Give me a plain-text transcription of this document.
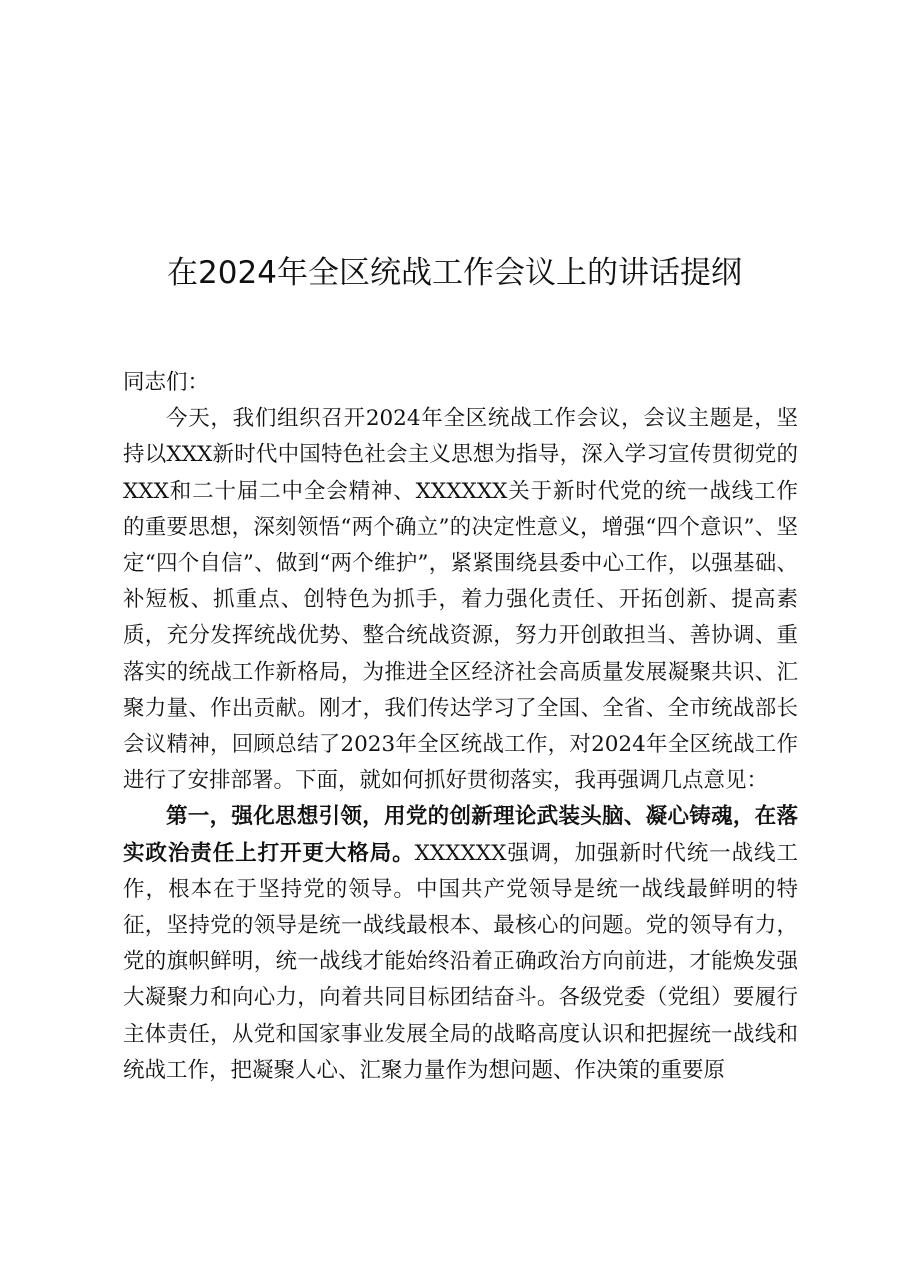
在2024年全区统战工作会议上的讲话提纲

同志们：

今天，我们组织召开2024年全区统战工作会议，会议主题是，坚持以XXX新时代中国特色社会主义思想为指导，深入学习宣传贯彻党的XXX和二十届二中全会精神、XXXXXX关于新时代党的统一战线工作的重要思想，深刻领悟“两个确立”的决定性意义，增强“四个意识”、坚定“四个自信”、做到“两个维护”，紧紧围绕县委中心工作，以强基础、补短板、抓重点、创特色为抓手，着力强化责任、开拓创新、提高素质，充分发挥统战优势、整合统战资源，努力开创敢担当、善协调、重落实的统战工作新格局，为推进全区经济社会高质量发展凝聚共识、汇聚力量、作出贡献。刚才，我们传达学习了全国、全省、全市统战部长会议精神，回顾总结了2023年全区统战工作，对2024年全区统战工作进行了安排部署。下面，就如何抓好贯彻落实，我再强调几点意见：

第一，强化思想引领，用党的创新理论武装头脑、凝心铸魂，在落实政治责任上打开更大格局。XXXXXX强调，加强新时代统一战线工作，根本在于坚持党的领导。中国共产党领导是统一战线最鲜明的特征，坚持党的领导是统一战线最根本、最核心的问题。党的领导有力，党的旗帜鲜明，统一战线才能始终沿着正确政治方向前进，才能焕发强大凝聚力和向心力，向着共同目标团结奋斗。各级党委（党组）要履行主体责任，从党和国家事业发展全局的战略高度认识和把握统一战线和统战工作，把凝聚人心、汇聚力量作为想问题、作决策的重要原
